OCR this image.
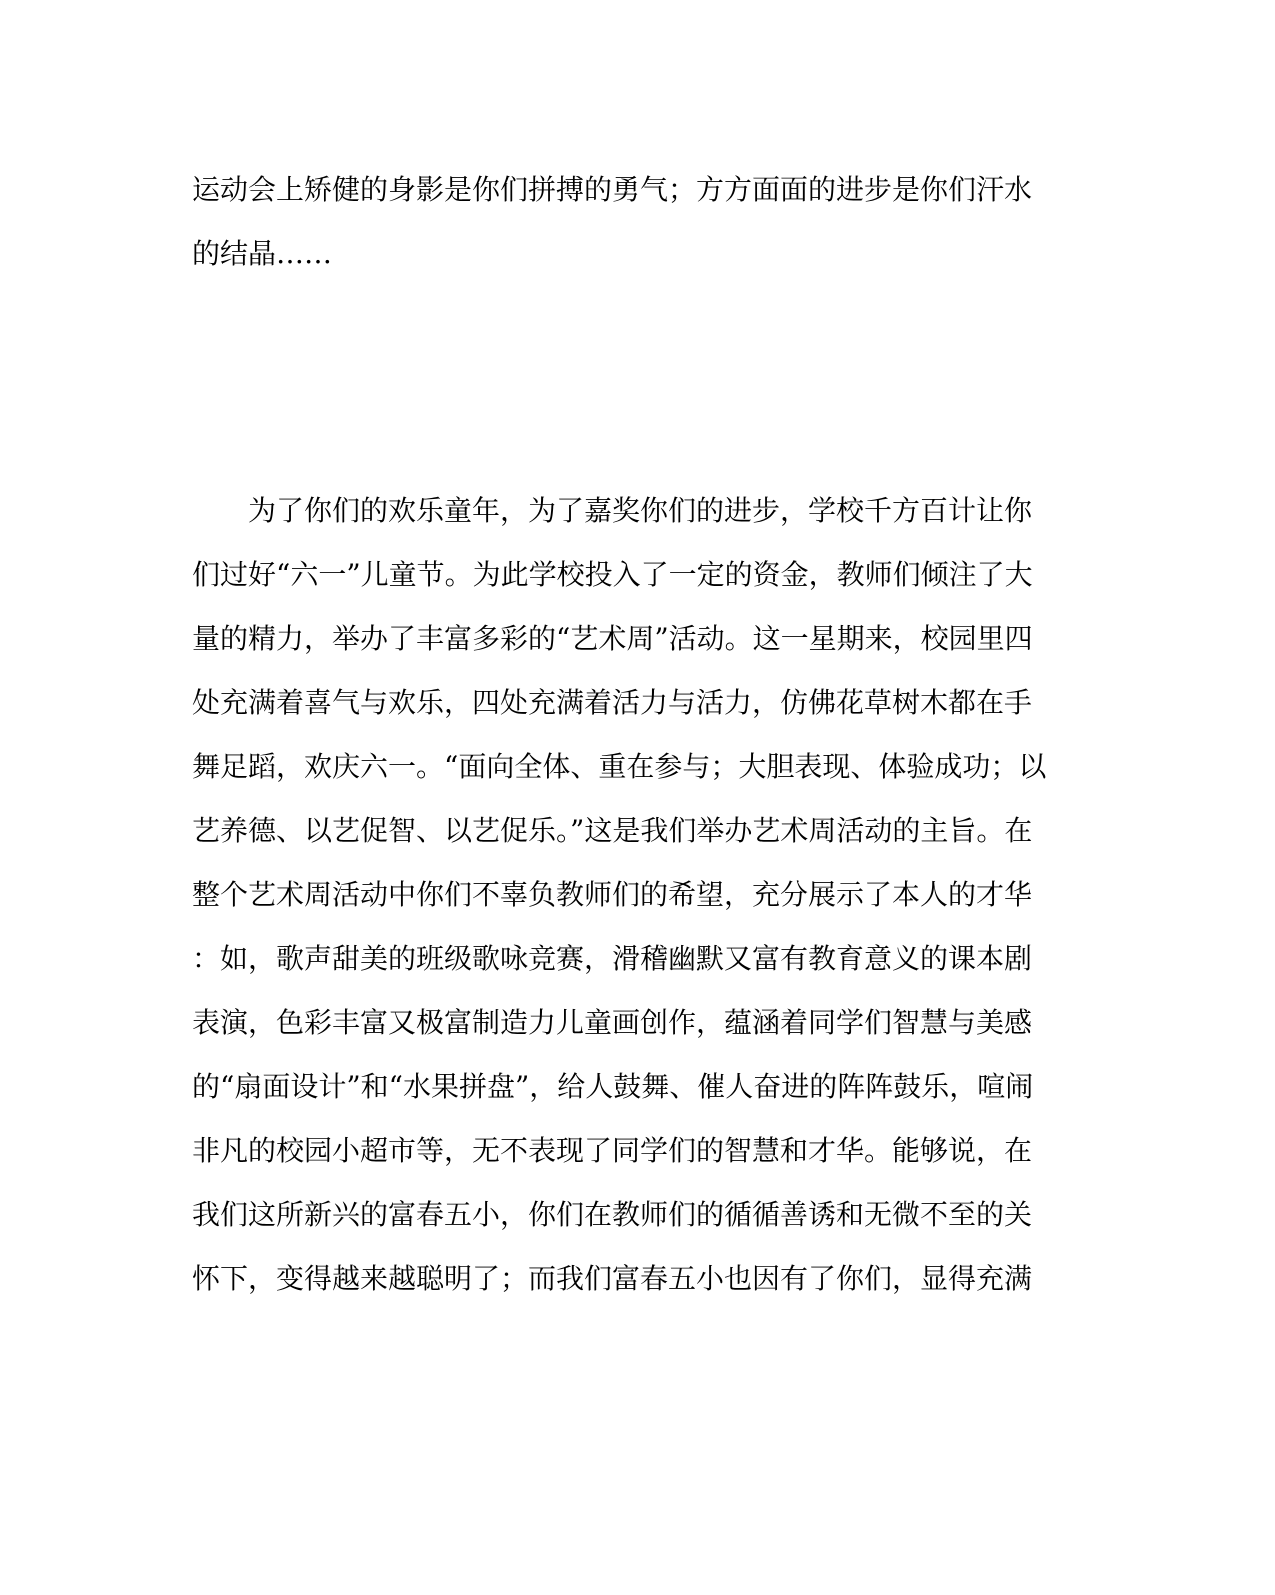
运动会上矫健的身影是你们拼搏的勇气；方方面面的进步是你们汗水

的结晶……

为了你们的欢乐童年，为了嘉奖你们的进步，学校千方百计让你

们过好“六一”儿童节。为此学校投入了一定的资金，教师们倾注了大

量的精力，举办了丰富多彩的“艺术周”活动。这一星期来，校园里四

处充满着喜气与欢乐，四处充满着活力与活力，仿佛花草树木都在手

舞足蹈，欢庆六一。“面向全体、重在参与；大胆表现、体验成功；以

艺养德、以艺促智、以艺促乐。”这是我们举办艺术周活动的主旨。在

整个艺术周活动中你们不辜负教师们的希望，充分展示了本人的才华

：如，歌声甜美的班级歌咏竞赛，滑稽幽默又富有教育意义的课本剧

表演，色彩丰富又极富制造力儿童画创作，蕴涵着同学们智慧与美感

的“扇面设计”和“水果拼盘”，给人鼓舞、催人奋进的阵阵鼓乐，喧闹

非凡的校园小超市等，无不表现了同学们的智慧和才华。能够说，在

我们这所新兴的富春五小，你们在教师们的循循善诱和无微不至的关

怀下，变得越来越聪明了；而我们富春五小也因有了你们，显得充满
